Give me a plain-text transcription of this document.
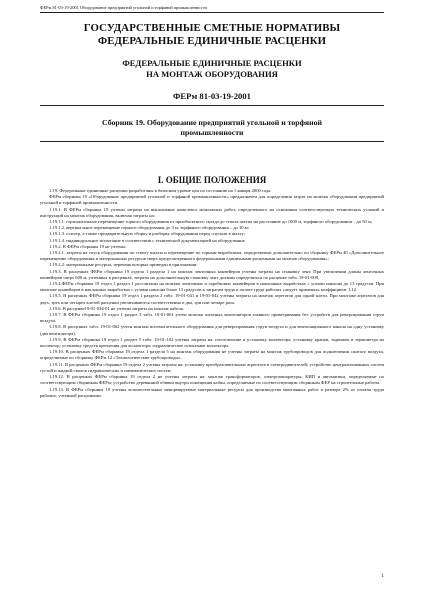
ФЕРм 81-03-19-2001 Оборудование предприятий угольной и торфяной промышленности
ГОСУДАРСТВЕННЫЕ СМЕТНЫЕ НОРМАТИВЫ
ФЕДЕРАЛЬНЫЕ ЕДИНИЧНЫЕ РАСЦЕНКИ
ФЕДЕРАЛЬНЫЕ ЕДИНИЧНЫЕ РАСЦЕНКИ
НА МОНТАЖ ОБОРУДОВАНИЯ
ФЕРм 81-03-19-2001
Сборник 19. Оборудование предприятий угольной и торфяной
промышленности
I. ОБЩИЕ ПОЛОЖЕНИЯ

1.19. Федеральные единичные расценки разработаны в базисном уровне цен по состоянию на 1 января 2000 года.

ФЕРм сборника 19 «Оборудование предприятий угольной и торфяной промышленности» предназначен для определения затрат на монтаж оборудования предприятий угольной и торфяной промышленности.

1.19.1. В ФЕРм сборника 19 учтены затраты на выполнение комплекса монтажных работ, определенного на основании соответствующих технических условий и инструкций на монтаж оборудования, включая затраты на:

1.19.1.1. горизонтальное перемещение горного оборудования от приобъектного склада до ствола шахты на расстояние до 1000 м, торфяного оборудования – до 50 м;

1.19.1.2. вертикальное перемещение горного оборудования до 3 м, торфяного оборудования – до 10 м;

1.19.1.3. осмотр, а также предварительную сборку и разборку оборудования перед спуском в шахту;

1.19.1.4. индивидуальное испытание в соответствии с технической документацией на оборудование.

1.19.2. В ФЕРм сборника 19 не учтены:

1.19.2.1. затраты на спуск оборудования по стволу шахты и перемещение по горным выработкам, определяемые дополнительно по сборнику ФЕРм 40 «Дополнительное перемещение оборудования и материальных ресурсов сверх предусмотренного федеральными единичными расценками на монтаж оборудования»;

1.19.2.2. материальные ресурсы, перечень которых приведен в приложении.

1.19.3. В расценках ФЕРм сборника 19 отдела 1 раздела 1 на монтаж ленточных конвейеров учтены затраты на стыковку лент. При увеличении длины ленточных конвейеров сверх 600 м, учтенных в расценках, затраты на дополнительную стыковку лент должны определяться по расценке табл. 19-01-009.

1.19.4.ФЕРм сборника 19 отдел 1 раздел 1 рассчитаны на монтаж ленточных и скребковых конвейеров в наклонных выработках с углами наклона до 13 градусов. При монтаже конвейеров в наклонных выработках с углами наклона более 13 градусов к затратам труда и оплате труда рабочих следует применять коэффициент 1,12.

1.19.5. В расценках ФЕРм сборника 19 отдел 1 раздела 2 табл. 19-01-041 и 19-01-042 учтены затраты на монтаж агрегатов для одной клети. При монтаже агрегатов для двух, трех или четырех клетей расценки увеличиваются соответственно в два, три или четыре раза.

1.19.6. В расценке19-01-034-01 не учтены затраты на монтаж кабеля.

1.19.7. В ФЕРм сборника 19 отдел 1 раздел 3 табл. 19-01-061 учтен монтаж шахтных вентиляторов главного проветривания без устройств для реверсирования струи воздуха.

1.19.8. В расценках табл. 19-01-062 учтен монтаж вспомогательного оборудования для реверсирования струи воздуха и для вентиляционного канала на одну установку (два вентилятора).

1.19.9. В ФЕРм сборника 19 отдел 1 раздел 5 табл. 19-01-102 учтены затраты на: изготовление и установку коллектора; установку кранов, задвижек и термометра на коллектор; установку средств крепления для коллектора; гидравлическое испытание коллектора.

1.19.10. В расценках ФЕРм сборника 19 отдела 1 раздела 5 на монтаж оборудования не учтены затраты на монтаж трубопроводов для подключения сжатого воздуха, определяемые по сборнику ФЕРм 12 «Технологические трубопроводы».

1.19.11. В расценках ФЕРм сборника 19 отдела 2 учтены затраты на: установку преобразовательных агрегатов и электродвигателей; устройство централизованных систем густой и жидкой смазок гидравлических и пневматических систем.

1.19.12. В расценках ФЕРм сборника 19 отдела 2 не учтены затраты на: монтаж трансформаторов, электроаппаратуры, КИП и автоматики, определяемые по соответствующим сборникам ФЕРм; устройство деревянной обивки внутри помещения кабин, определяемые по соответствующим сборникам ФЕР на строительные работы.

1.19.13. В ФЕРм сборника 19 учтены вспомогательные ненормируемые материальные ресурсы для производства монтажных работ в размере 2% от оплаты труда рабочих, учтенной расценками.

1
